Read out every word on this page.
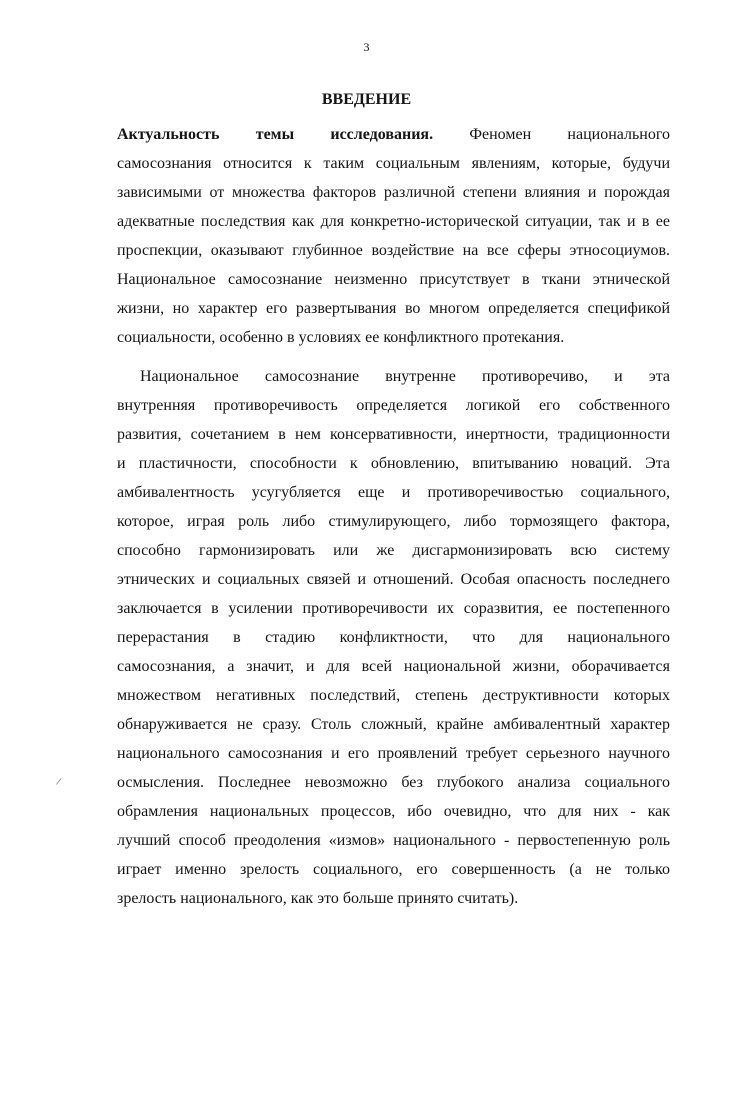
3
ВВЕДЕНИЕ
Актуальность темы исследования. Феномен национального
самосознания относится к таким социальным явлениям, которые, будучи
зависимыми от множества факторов различной степени влияния и порождая
адекватные последствия как для конкретно-исторической ситуации, так и в ее
проспекции, оказывают глубинное воздействие на все сферы этносоциумов.
Национальное самосознание неизменно присутствует в ткани этнической
жизни, но характер его развертывания во многом определяется спецификой
социальности, особенно в условиях ее конфликтного протекания.
Национальное самосознание внутренне противоречиво, и эта
внутренняя противоречивость определяется логикой его собственного
развития, сочетанием в нем консервативности, инертности, традиционности
и пластичности, способности к обновлению, впитыванию новаций. Эта
амбивалентность усугубляется еще и противоречивостью социального,
которое, играя роль либо стимулирующего, либо тормозящего фактора,
способно гармонизировать или же дисгармонизировать всю систему
этнических и социальных связей и отношений. Особая опасность последнего
заключается в усилении противоречивости их соразвития, ее постепенного
перерастания в стадию конфликтности, что для национального
самосознания, а значит, и для всей национальной жизни, оборачивается
множеством негативных последствий, степень деструктивности которых
обнаруживается не сразу. Столь сложный, крайне амбивалентный характер
национального самосознания и его проявлений требует серьезного научного
осмысления. Последнее невозможно без глубокого анализа социального
обрамления национальных процессов, ибо очевидно, что для них - как
лучший способ преодоления «измов» национального - первостепенную роль
играет именно зрелость социального, его совершенность (а не только
зрелость национального, как это больше принято считать).
/
